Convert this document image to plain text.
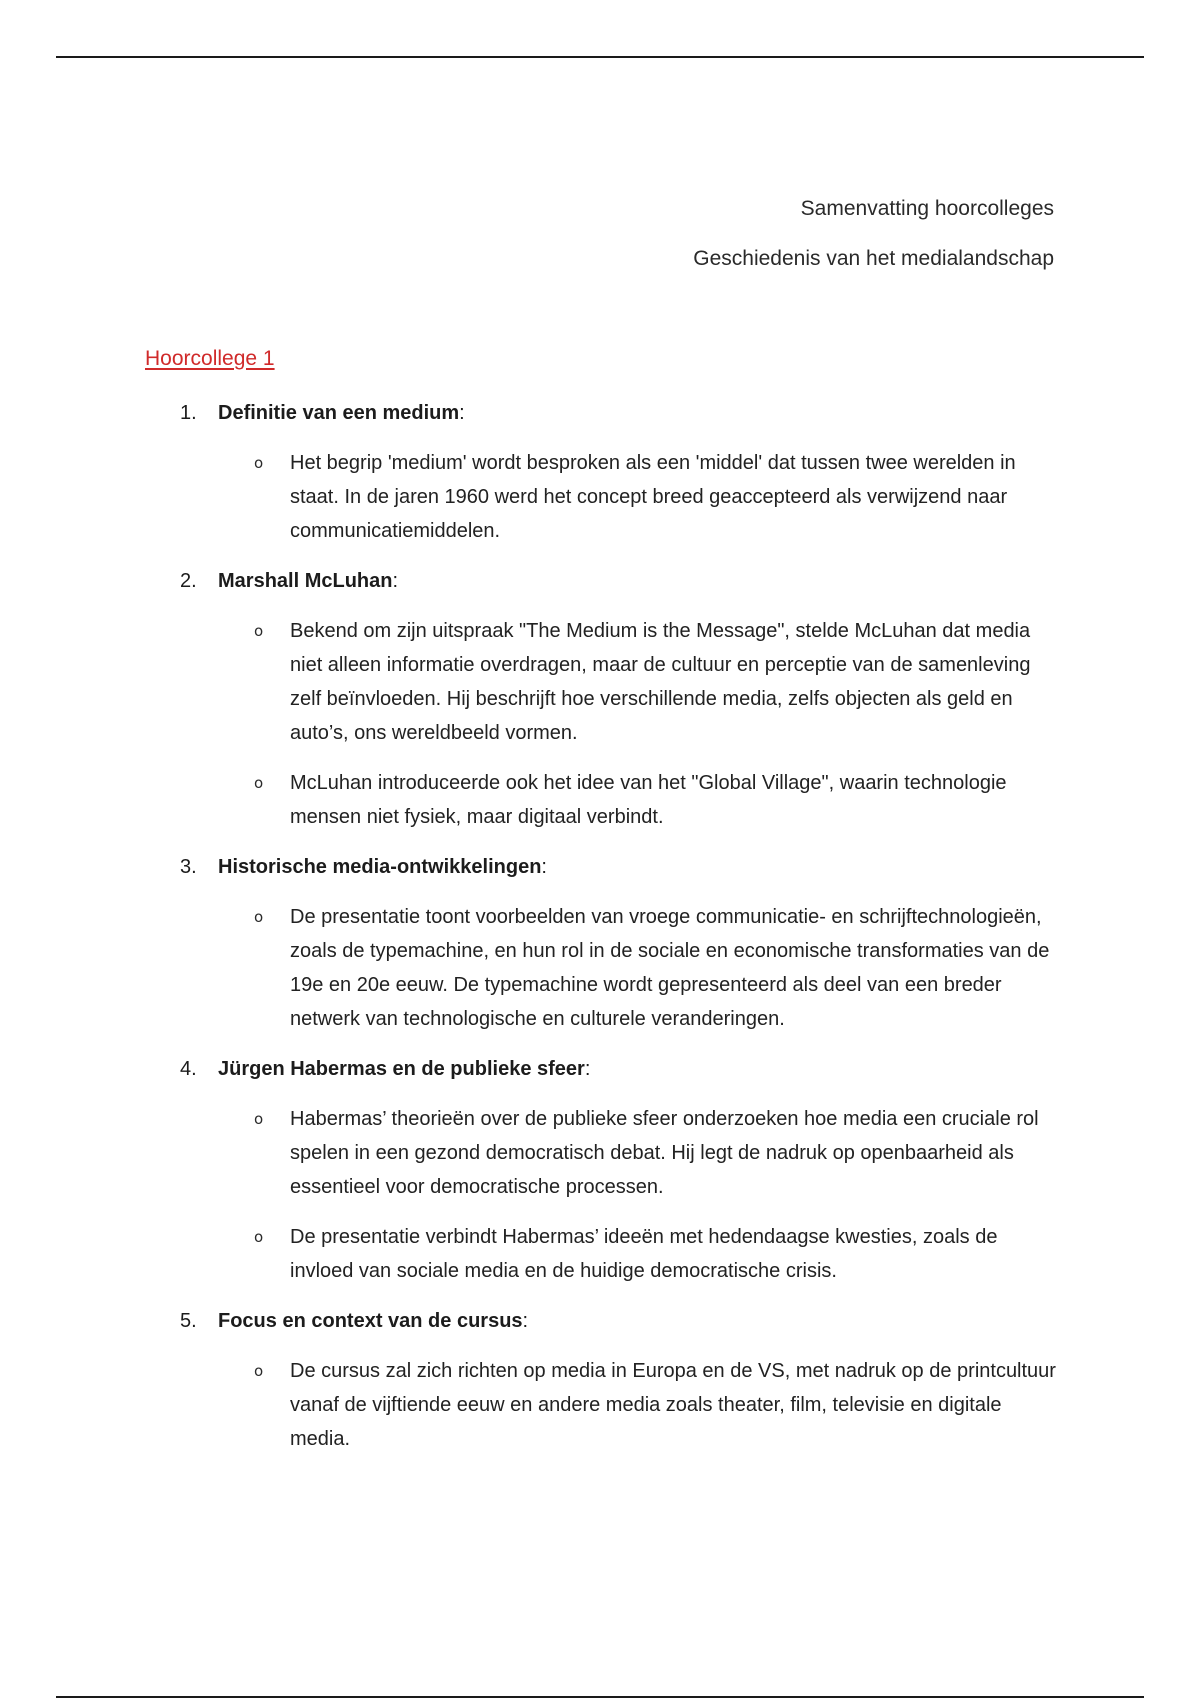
Samenvatting hoorcolleges
Geschiedenis van het medialandschap
Hoorcollege 1
1.	Definitie van een medium:
o Het begrip 'medium' wordt besproken als een 'middel' dat tussen twee werelden in staat. In de jaren 1960 werd het concept breed geaccepteerd als verwijzend naar communicatiemiddelen.
2.	Marshall McLuhan:
o Bekend om zijn uitspraak "The Medium is the Message", stelde McLuhan dat media niet alleen informatie overdragen, maar de cultuur en perceptie van de samenleving zelf beïnvloeden. Hij beschrijft hoe verschillende media, zelfs objecten als geld en auto’s, ons wereldbeeld vormen.
o McLuhan introduceerde ook het idee van het "Global Village", waarin technologie mensen niet fysiek, maar digitaal verbindt.
3.	Historische media-ontwikkelingen:
o De presentatie toont voorbeelden van vroege communicatie- en schrijftechnologieën, zoals de typemachine, en hun rol in de sociale en economische transformaties van de 19e en 20e eeuw. De typemachine wordt gepresenteerd als deel van een breder netwerk van technologische en culturele veranderingen.
4.	Jürgen Habermas en de publieke sfeer:
o Habermas’ theorieën over de publieke sfeer onderzoeken hoe media een cruciale rol spelen in een gezond democratisch debat. Hij legt de nadruk op openbaarheid als essentieel voor democratische processen.
o De presentatie verbindt Habermas’ ideeën met hedendaagse kwesties, zoals de invloed van sociale media en de huidige democratische crisis.
5.	Focus en context van de cursus:
o De cursus zal zich richten op media in Europa en de VS, met nadruk op de printcultuur vanaf de vijftiende eeuw en andere media zoals theater, film, televisie en digitale media.
